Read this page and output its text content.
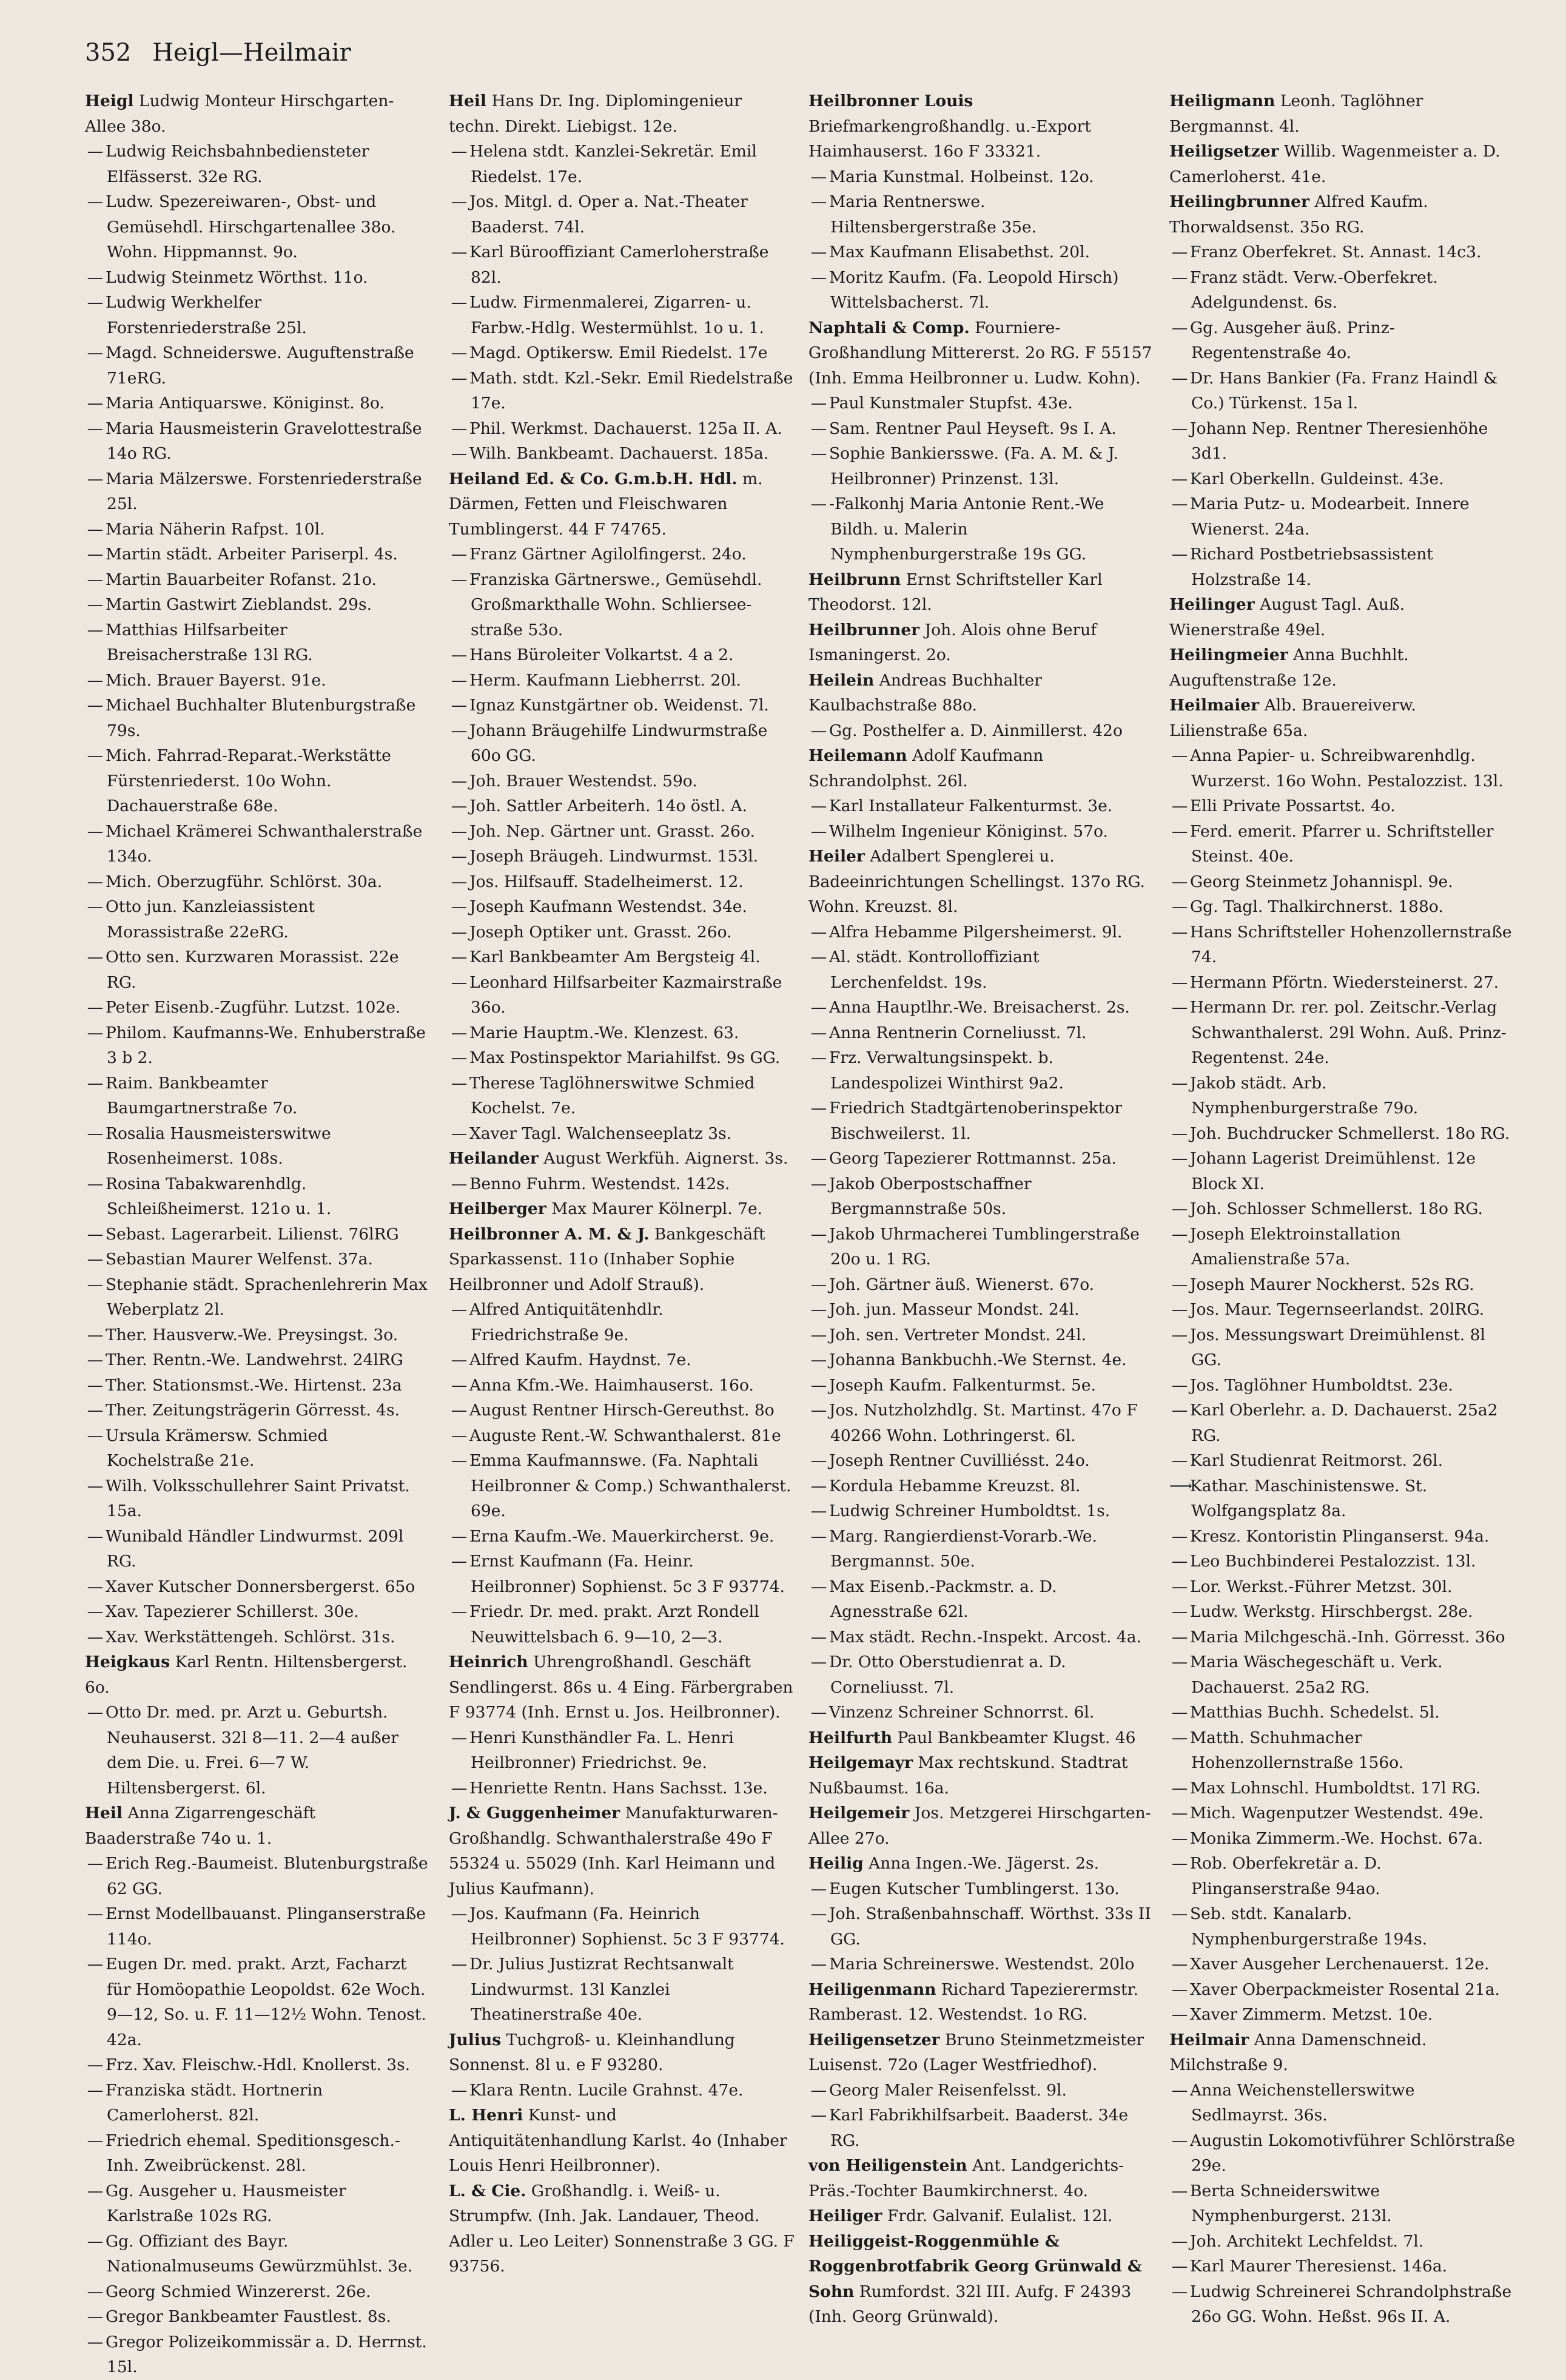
352 Heigl—Heilmair

Heigl Ludwig Monteur Hirschgarten-Allee 38o.

— Ludwig Reichsbahnbediensteter Elfässerst. 32e RG.

— Ludw. Spezereiwaren-, Obst- und Gemüsehdl. Hirschgartenallee 38o. Wohn. Hippmannst. 9o.

— Ludwig Steinmetz Wörthst. 11o.

— Ludwig Werkhelfer Forstenriederstraße 25l.

— Magd. Schneiderswe. Auguftenstraße 71eRG.

— Maria Antiquarswe. Königinst. 8o.

— Maria Hausmeisterin Gravelottestraße 14o RG.

— Maria Mälzerswe. Forstenriederstraße 25l.

— Maria Näherin Rafpst. 10l.

— Martin städt. Arbeiter Pariserpl. 4s.

— Martin Bauarbeiter Rofanst. 21o.

— Martin Gastwirt Zieblandst. 29s.

— Matthias Hilfsarbeiter Breisacherstraße 13l RG.

— Mich. Brauer Bayerst. 91e.

— Michael Buchhalter Blutenburgstraße 79s.

— Mich. Fahrrad-Reparat.-Werkstätte Fürstenriederst. 10o Wohn. Dachauerstraße 68e.

— Michael Krämerei Schwanthalerstraße 134o.

— Mich. Oberzugführ. Schlörst. 30a.

— Otto jun. Kanzleiassistent Morassistraße 22eRG.

— Otto sen. Kurzwaren Morassist. 22e RG.

— Peter Eisenb.-Zugführ. Lutzst. 102e.

— Philom. Kaufmanns-We. Enhuberstraße 3 b 2.

— Raim. Bankbeamter Baumgartnerstraße 7o.

— Rosalia Hausmeisterswitwe Rosenheimerst. 108s.

— Rosina Tabakwarenhdlg. Schleißheimerst. 121o u. 1.

— Sebast. Lagerarbeit. Lilienst. 76lRG

— Sebastian Maurer Welfenst. 37a.

— Stephanie städt. Sprachenlehrerin Max Weberplatz 2l.

— Ther. Hausverw.-We. Preysingst. 3o.

— Ther. Rentn.-We. Landwehrst. 24lRG

— Ther. Stationsmst.-We. Hirtenst. 23a

— Ther. Zeitungsträgerin Görresst. 4s.

— Ursula Krämersw. Schmied Kochelstraße 21e.

— Wilh. Volksschullehrer Saint Privatst. 15a.

— Wunibald Händler Lindwurmst. 209l RG.

— Xaver Kutscher Donnersbergerst. 65o

— Xav. Tapezierer Schillerst. 30e.

— Xav. Werkstättengeh. Schlörst. 31s.

Heigkaus Karl Rentn. Hiltensbergerst. 6o.

— Otto Dr. med. pr. Arzt u. Geburtsh. Neuhauserst. 32l 8—11. 2—4 außer dem Die. u. Frei. 6—7 W. Hiltensbergerst. 6l.

Heil Anna Zigarrengeschäft Baaderstraße 74o u. 1.

— Erich Reg.-Baumeist. Blutenburgstraße 62 GG.

— Ernst Modellbauanst. Plinganserstraße 114o.

— Eugen Dr. med. prakt. Arzt, Facharzt für Homöopathie Leopoldst. 62e Woch. 9—12, So. u. F. 11—12½ Wohn. Tenost. 42a.

— Frz. Xav. Fleischw.-Hdl. Knollerst. 3s.

— Franziska städt. Hortnerin Camerloherst. 82l.

— Friedrich ehemal. Speditionsgesch.-Inh. Zweibrückenst. 28l.

— Gg. Ausgeher u. Hausmeister Karlstraße 102s RG.

— Gg. Offiziant des Bayr. Nationalmuseums Gewürzmühlst. 3e.

— Georg Schmied Winzererst. 26e.

— Gregor Bankbeamter Faustlest. 8s.

— Gregor Polizeikommissär a. D. Herrnst. 15l.

Heil Hans Dr. Ing. Diplomingenieur techn. Direkt. Liebigst. 12e.

— Helena stdt. Kanzlei-Sekretär. Emil Riedelst. 17e.

— Jos. Mitgl. d. Oper a. Nat.-Theater Baaderst. 74l.

— Karl Bürooffiziant Camerloherstraße 82l.

— Ludw. Firmenmalerei, Zigarren- u. Farbw.-Hdlg. Westermühlst. 1o u. 1.

— Magd. Optikersw. Emil Riedelst. 17e

— Math. stdt. Kzl.-Sekr. Emil Riedelstraße 17e.

— Phil. Werkmst. Dachauerst. 125a II. A.

— Wilh. Bankbeamt. Dachauerst. 185a.

Heiland Ed. & Co. G.m.b.H. Hdl. m. Därmen, Fetten und Fleischwaren Tumblingerst. 44 F 74765.

— Franz Gärtner Agilolfingerst. 24o.

— Franziska Gärtnerswe., Gemüsehdl. Großmarkthalle Wohn. Schliersee-straße 53o.

— Hans Büroleiter Volkartst. 4 a 2.

— Herm. Kaufmann Liebherrst. 20l.

— Ignaz Kunstgärtner ob. Weidenst. 7l.

— Johann Bräugehilfe Lindwurmstraße 60o GG.

— Joh. Brauer Westendst. 59o.

— Joh. Sattler Arbeiterh. 14o östl. A.

— Joh. Nep. Gärtner unt. Grasst. 26o.

— Joseph Bräugeh. Lindwurmst. 153l.

— Jos. Hilfsauff. Stadelheimerst. 12.

— Joseph Kaufmann Westendst. 34e.

— Joseph Optiker unt. Grasst. 26o.

— Karl Bankbeamter Am Bergsteig 4l.

— Leonhard Hilfsarbeiter Kazmairstraße 36o.

— Marie Hauptm.-We. Klenzest. 63.

— Max Postinspektor Mariahilfst. 9s GG.

— Therese Taglöhnerswitwe Schmied Kochelst. 7e.

— Xaver Tagl. Walchenseeplatz 3s.

Heilander August Werkfüh. Aignerst. 3s.

— Benno Fuhrm. Westendst. 142s.

Heilberger Max Maurer Kölnerpl. 7e.

Heilbronner A. M. & J. Bankgeschäft Sparkassenst. 11o (Inhaber Sophie Heilbronner und Adolf Strauß).

— Alfred Antiquitätenhdlr. Friedrichstraße 9e.

— Alfred Kaufm. Haydnst. 7e.

— Anna Kfm.-We. Haimhauserst. 16o.

— August Rentner Hirsch-Gereuthst. 8o

— Auguste Rent.-W. Schwanthalerst. 81e

— Emma Kaufmannswe. (Fa. Naphtali Heilbronner & Comp.) Schwanthalerst. 69e.

— Erna Kaufm.-We. Mauerkircherst. 9e.

— Ernst Kaufmann (Fa. Heinr. Heilbronner) Sophienst. 5c 3 F 93774.

— Friedr. Dr. med. prakt. Arzt Rondell Neuwittelsbach 6. 9—10, 2—3.

Heinrich Uhrengroßhandl. Geschäft Sendlingerst. 86s u. 4 Eing. Färbergraben F 93774 (Inh. Ernst u. Jos. Heilbronner).

— Henri Kunsthändler Fa. L. Henri Heilbronner) Friedrichst. 9e.

— Henriette Rentn. Hans Sachsst. 13e.

J. & Guggenheimer Manufakturwaren-Großhandlg. Schwanthalerstraße 49o F 55324 u. 55029 (Inh. Karl Heimann und Julius Kaufmann).

— Jos. Kaufmann (Fa. Heinrich Heilbronner) Sophienst. 5c 3 F 93774.

— Dr. Julius Justizrat Rechtsanwalt Lindwurmst. 13l Kanzlei Theatinerstraße 40e.

Julius Tuchgroß- u. Kleinhandlung Sonnenst. 8l u. e F 93280.

— Klara Rentn. Lucile Grahnst. 47e.

L. Henri Kunst- und Antiquitätenhandlung Karlst. 4o (Inhaber Louis Henri Heilbronner).

L. & Cie. Großhandlg. i. Weiß- u. Strumpfw. (Inh. Jak. Landauer, Theod. Adler u. Leo Leiter) Sonnenstraße 3 GG. F 93756.

Heilbronner Louis Briefmarkengroßhandlg. u.-Export Haimhauserst. 16o F 33321.

— Maria Kunstmal. Holbeinst. 12o.

— Maria Rentnerswe. Hiltensbergerstraße 35e.

— Max Kaufmann Elisabethst. 20l.

— Moritz Kaufm. (Fa. Leopold Hirsch) Wittelsbacherst. 7l.

Naphtali & Comp. Fourniere-Großhandlung Mittererst. 2o RG. F 55157 (Inh. Emma Heilbronner u. Ludw. Kohn).

— Paul Kunstmaler Stupfst. 43e.

— Sam. Rentner Paul Heyseft. 9s I. A.

— Sophie Bankiersswe. (Fa. A. M. & J. Heilbronner) Prinzenst. 13l.

— -Falkonhj Maria Antonie Rent.-We Bildh. u. Malerin Nymphenburgerstraße 19s GG.

Heilbrunn Ernst Schriftsteller Karl Theodorst. 12l.

Heilbrunner Joh. Alois ohne Beruf Ismaningerst. 2o.

Heilein Andreas Buchhalter Kaulbachstraße 88o.

— Gg. Posthelfer a. D. Ainmillerst. 42o

Heilemann Adolf Kaufmann Schrandolphst. 26l.

— Karl Installateur Falkenturmst. 3e.

— Wilhelm Ingenieur Königinst. 57o.

Heiler Adalbert Spenglerei u. Badeeinrichtungen Schellingst. 137o RG. Wohn. Kreuzst. 8l.

— Alfra Hebamme Pilgersheimerst. 9l.

— Al. städt. Kontrolloffiziant Lerchenfeldst. 19s.

— Anna Hauptlhr.-We. Breisacherst. 2s.

— Anna Rentnerin Corneliusst. 7l.

— Frz. Verwaltungsinspekt. b. Landespolizei Winthirst 9a2.

— Friedrich Stadtgärtenoberinspektor Bischweilerst. 1l.

— Georg Tapezierer Rottmannst. 25a.

— Jakob Oberpostschaffner Bergmannstraße 50s.

— Jakob Uhrmacherei Tumblingerstraße 20o u. 1 RG.

— Joh. Gärtner äuß. Wienerst. 67o.

— Joh. jun. Masseur Mondst. 24l.

— Joh. sen. Vertreter Mondst. 24l.

— Johanna Bankbuchh.-We Sternst. 4e.

— Joseph Kaufm. Falkenturmst. 5e.

— Jos. Nutzholzhdlg. St. Martinst. 47o F 40266 Wohn. Lothringerst. 6l.

— Joseph Rentner Cuvilliésst. 24o.

— Kordula Hebamme Kreuzst. 8l.

— Ludwig Schreiner Humboldtst. 1s.

— Marg. Rangierdienst-Vorarb.-We. Bergmannst. 50e.

— Max Eisenb.-Packmstr. a. D. Agnesstraße 62l.

— Max städt. Rechn.-Inspekt. Arcost. 4a.

— Dr. Otto Oberstudienrat a. D. Corneliusst. 7l.

— Vinzenz Schreiner Schnorrst. 6l.

Heilfurth Paul Bankbeamter Klugst. 46

Heilgemayr Max rechtskund. Stadtrat Nußbaumst. 16a.

Heilgemeir Jos. Metzgerei Hirschgarten-Allee 27o.

Heilig Anna Ingen.-We. Jägerst. 2s.

— Eugen Kutscher Tumblingerst. 13o.

— Joh. Straßenbahnschaff. Wörthst. 33s II GG.

— Maria Schreinerswe. Westendst. 20lo

Heiligenmann Richard Tapezierermstr. Ramberast. 12. Westendst. 1o RG.

Heiligensetzer Bruno Steinmetzmeister Luisenst. 72o (Lager Westfriedhof).

— Georg Maler Reisenfelsst. 9l.

— Karl Fabrikhilfsarbeit. Baaderst. 34e RG.

von Heiligenstein Ant. Landgerichts-Präs.-Tochter Baumkirchnerst. 4o.

Heiliger Frdr. Galvanif. Eulalist. 12l.

Heiliggeist-Roggenmühle & Roggenbrotfabrik Georg Grünwald & Sohn Rumfordst. 32l III. Aufg. F 24393 (Inh. Georg Grünwald).

Heiligmann Leonh. Taglöhner Bergmannst. 4l.

Heiligsetzer Willib. Wagenmeister a. D. Camerloherst. 41e.

Heilingbrunner Alfred Kaufm. Thorwaldsenst. 35o RG.

— Franz Oberfekret. St. Annast. 14c3.

— Franz städt. Verw.-Oberfekret. Adelgundenst. 6s.

— Gg. Ausgeher äuß. Prinz-Regentenstraße 4o.

— Dr. Hans Bankier (Fa. Franz Haindl & Co.) Türkenst. 15a l.

— Johann Nep. Rentner Theresienhöhe 3d1.

— Karl Oberkelln. Guldeinst. 43e.

— Maria Putz- u. Modearbeit. Innere Wienerst. 24a.

— Richard Postbetriebsassistent Holzstraße 14.

Heilinger August Tagl. Auß. Wienerstraße 49el.

Heilingmeier Anna Buchhlt. Auguftenstraße 12e.

Heilmaier Alb. Brauereiverw. Lilienstraße 65a.

— Anna Papier- u. Schreibwarenhdlg. Wurzerst. 16o Wohn. Pestalozzist. 13l.

— Elli Private Possartst. 4o.

— Ferd. emerit. Pfarrer u. Schriftsteller Steinst. 40e.

— Georg Steinmetz Johannispl. 9e.

— Gg. Tagl. Thalkirchnerst. 188o.

— Hans Schriftsteller Hohenzollernstraße 74.

— Hermann Pförtn. Wiedersteinerst. 27.

— Hermann Dr. rer. pol. Zeitschr.-Verlag Schwanthalerst. 29l Wohn. Auß. Prinz-Regentenst. 24e.

— Jakob städt. Arb. Nymphenburgerstraße 79o.

— Joh. Buchdrucker Schmellerst. 18o RG.

— Johann Lagerist Dreimühlenst. 12e Block XI.

— Joh. Schlosser Schmellerst. 18o RG.

— Joseph Elektroinstallation Amalienstraße 57a.

— Joseph Maurer Nockherst. 52s RG.

— Jos. Maur. Tegernseerlandst. 20lRG.

— Jos. Messungswart Dreimühlenst. 8l GG.

— Jos. Taglöhner Humboldtst. 23e.

— Karl Oberlehr. a. D. Dachauerst. 25a2 RG.

— Karl Studienrat Reitmorst. 26l.

⟶Kathar. Maschinistenswe. St. Wolfgangsplatz 8a.

— Kresz. Kontoristin Plinganserst. 94a.

— Leo Buchbinderei Pestalozzist. 13l.

— Lor. Werkst.-Führer Metzst. 30l.

— Ludw. Werkstg. Hirschbergst. 28e.

— Maria Milchgeschä.-Inh. Görresst. 36o

— Maria Wäschegeschäft u. Verk. Dachauerst. 25a2 RG.

— Matthias Buchh. Schedelst. 5l.

— Matth. Schuhmacher Hohenzollernstraße 156o.

— Max Lohnschl. Humboldtst. 17l RG.

— Mich. Wagenputzer Westendst. 49e.

— Monika Zimmerm.-We. Hochst. 67a.

— Rob. Oberfekretär a. D. Plinganserstraße 94ao.

— Seb. stdt. Kanalarb. Nymphenburgerstraße 194s.

— Xaver Ausgeher Lerchenauerst. 12e.

— Xaver Oberpackmeister Rosental 21a.

— Xaver Zimmerm. Metzst. 10e.

Heilmair Anna Damenschneid. Milchstraße 9.

— Anna Weichenstellerswitwe Sedlmayrst. 36s.

— Augustin Lokomotivführer Schlörstraße 29e.

— Berta Schneiderswitwe Nymphenburgerst. 213l.

— Joh. Architekt Lechfeldst. 7l.

— Karl Maurer Theresienst. 146a.

— Ludwig Schreinerei Schrandolphstraße 26o GG. Wohn. Heßst. 96s II. A.
